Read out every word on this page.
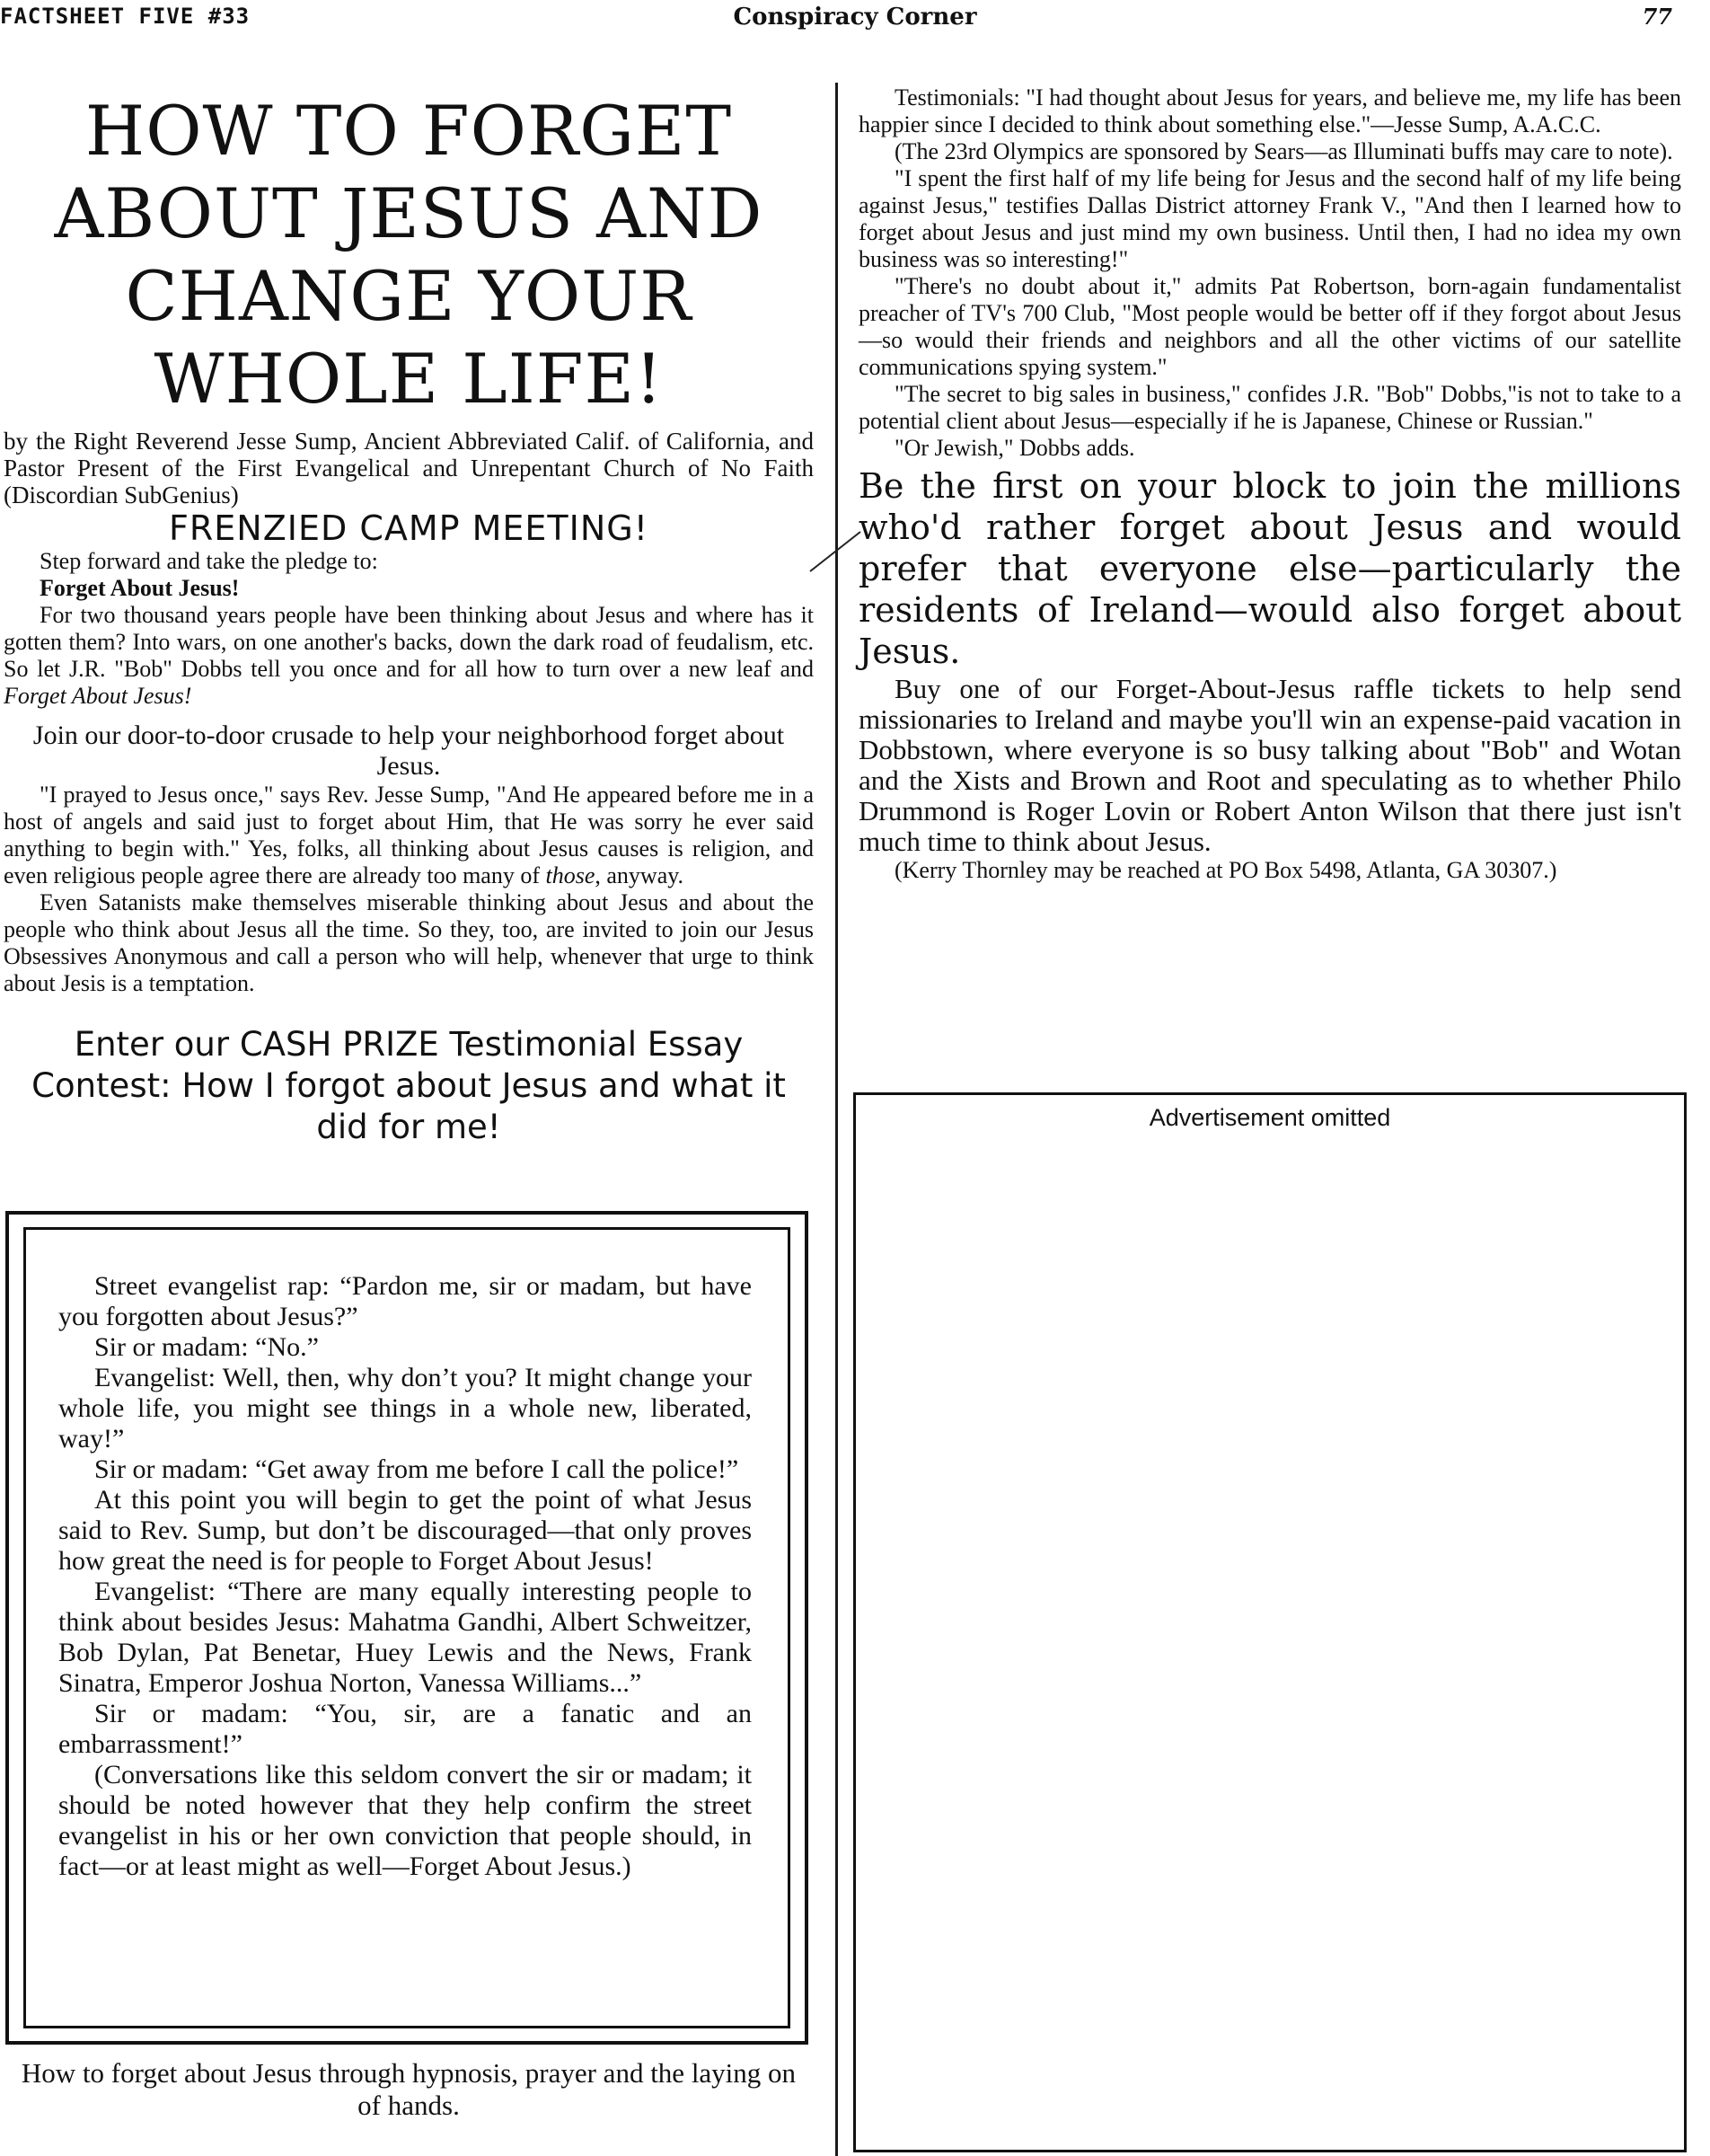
FACTSHEET FIVE #33	Conspiracy Corner	77
HOW TO FORGET
ABOUT JESUS AND
CHANGE YOUR
WHOLE LIFE!

by the Right Reverend Jesse Sump, Ancient Abbreviated Calif. of California, and Pastor Present of the First Evangelical and Unrepentant Church of No Faith (Discordian SubGenius)

FRENZIED CAMP MEETING!

Step forward and take the pledge to:

Forget About Jesus!

For two thousand years people have been thinking about Jesus and where has it gotten them? Into wars, on one another's backs, down the dark road of feudalism, etc. So let J.R. "Bob" Dobbs tell you once and for all how to turn over a new leaf and Forget About Jesus!

Join our door-to-door crusade to help your neighborhood forget about Jesus.

"I prayed to Jesus once," says Rev. Jesse Sump, "And He appeared before me in a host of angels and said just to forget about Him, that He was sorry he ever said anything to begin with." Yes, folks, all thinking about Jesus causes is religion, and even religious people agree there are already too many of those, anyway.

Even Satanists make themselves miserable thinking about Jesus and about the people who think about Jesus all the time. So they, too, are invited to join our Jesus Obsessives Anonymous and call a person who will help, whenever that urge to think about Jesis is a temptation.

Enter our CASH PRIZE Testimonial Essay Contest: How I forgot about Jesus and what it did for me!

Street evangelist rap: “Pardon me, sir or madam, but have you forgotten about Jesus?”

Sir or madam: “No.”

Evangelist: Well, then, why don’t you? It might change your whole life, you might see things in a whole new, liberated, way!”

Sir or madam: “Get away from me before I call the police!”

At this point you will begin to get the point of what Jesus said to Rev. Sump, but don’t be discouraged—that only proves how great the need is for people to Forget About Jesus!

Evangelist: “There are many equally interesting people to think about besides Jesus: Mahatma Gandhi, Albert Schweitzer, Bob Dylan, Pat Benetar, Huey Lewis and the News, Frank Sinatra, Emperor Joshua Norton, Vanessa Williams...”

Sir or madam: “You, sir, are a fanatic and an embarrassment!”

(Conversations like this seldom convert the sir or madam; it should be noted however that they help confirm the street evangelist in his or her own conviction that people should, in fact—or at least might as well—Forget About Jesus.)

How to forget about Jesus through hypnosis, prayer and the laying on of hands.

Testimonials: "I had thought about Jesus for years, and believe me, my life has been happier since I decided to think about something else."—Jesse Sump, A.A.C.C.

(The 23rd Olympics are sponsored by Sears—as Illuminati buffs may care to note).

"I spent the first half of my life being for Jesus and the second half of my life being against Jesus," testifies Dallas District attorney Frank V., "And then I learned how to forget about Jesus and just mind my own business. Until then, I had no idea my own business was so interesting!"

"There's no doubt about it," admits Pat Robertson, born-again fundamentalist preacher of TV's 700 Club, "Most people would be better off if they forgot about Jesus—so would their friends and neighbors and all the other victims of our satellite communications spying system."

"The secret to big sales in business," confides J.R. "Bob" Dobbs,"is not to take to a potential client about Jesus—especially if he is Japanese, Chinese or Russian."

"Or Jewish," Dobbs adds.

Be the first on your block to join the millions who'd rather forget about Jesus and would prefer that everyone else—particularly the residents of Ireland—would also forget about Jesus.

Buy one of our Forget-About-Jesus raffle tickets to help send missionaries to Ireland and maybe you'll win an expense-paid vacation in Dobbstown, where everyone is so busy talking about "Bob" and Wotan and the Xists and Brown and Root and speculating as to whether Philo Drummond is Roger Lovin or Robert Anton Wilson that there just isn't much time to think about Jesus.

(Kerry Thornley may be reached at PO Box 5498, Atlanta, GA 30307.)

Advertisement omitted
